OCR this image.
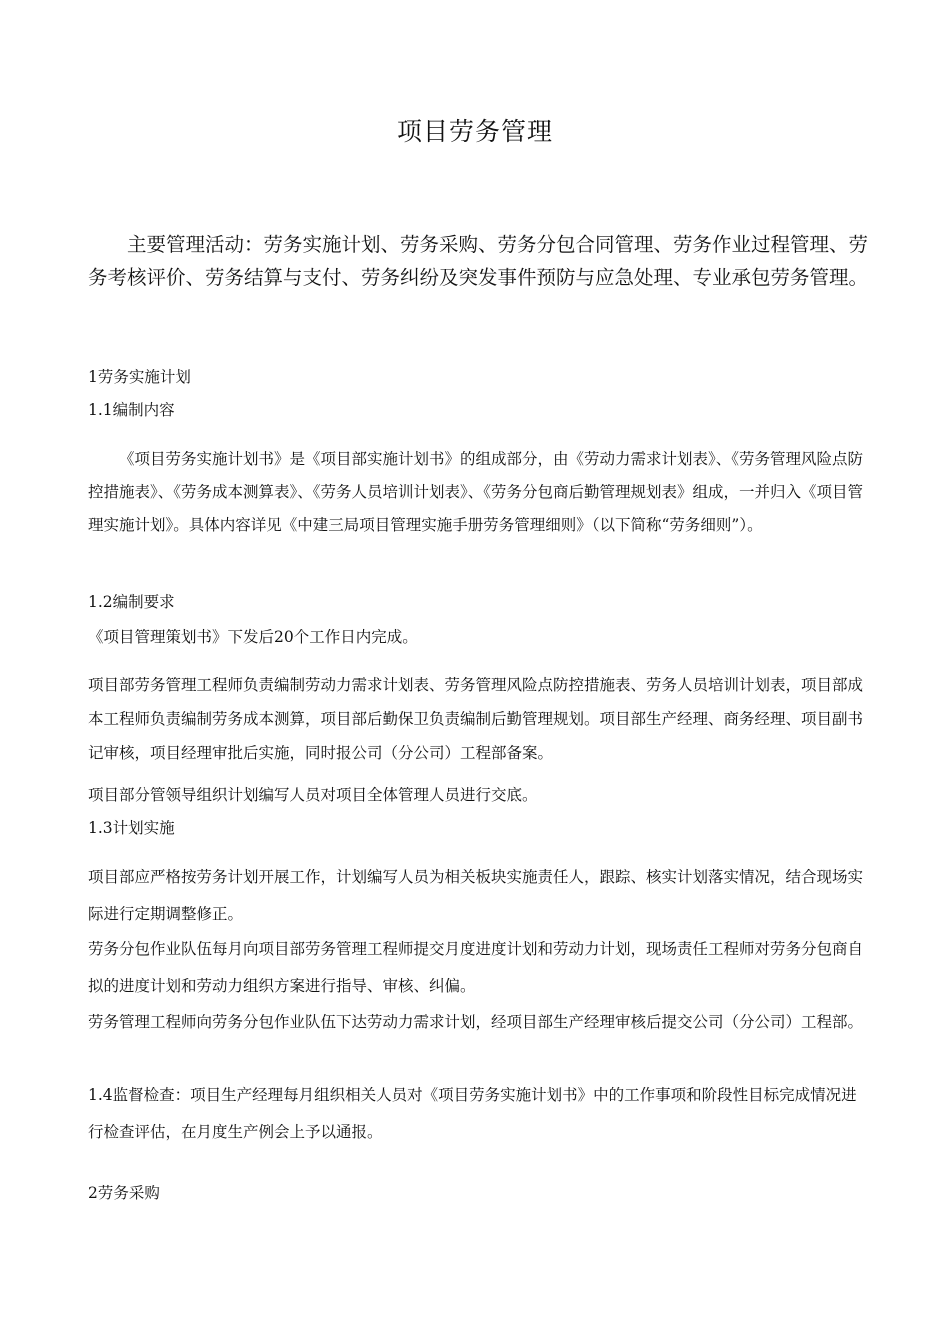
项目劳务管理
主要管理活动：劳务实施计划、劳务采购、劳务分包合同管理、劳务作业过程管理、劳务考核评价、劳务结算与支付、劳务纠纷及突发事件预防与应急处理、专业承包劳务管理。

1劳务实施计划

1.1编制内容

《项目劳务实施计划书》是《项目部实施计划书》的组成部分，由《劳动力需求计划表》、《劳务管理风险点防控措施表》、《劳务成本测算表》、《劳务人员培训计划表》、《劳务分包商后勤管理规划表》组成，一并归入《项目管理实施计划》。具体内容详见《中建三局项目管理实施手册劳务管理细则》（以下简称“劳务细则”）。

1.2编制要求

《项目管理策划书》下发后20个工作日内完成。

项目部劳务管理工程师负责编制劳动力需求计划表、劳务管理风险点防控措施表、劳务人员培训计划表，项目部成本工程师负责编制劳务成本测算，项目部后勤保卫负责编制后勤管理规划。项目部生产经理、商务经理、项目副书记审核，项目经理审批后实施，同时报公司（分公司）工程部备案。

项目部分管领导组织计划编写人员对项目全体管理人员进行交底。

1.3计划实施

项目部应严格按劳务计划开展工作，计划编写人员为相关板块实施责任人，跟踪、核实计划落实情况，结合现场实际进行定期调整修正。

劳务分包作业队伍每月向项目部劳务管理工程师提交月度进度计划和劳动力计划，现场责任工程师对劳务分包商自拟的进度计划和劳动力组织方案进行指导、审核、纠偏。

劳务管理工程师向劳务分包作业队伍下达劳动力需求计划，经项目部生产经理审核后提交公司（分公司）工程部。

1.4监督检查：项目生产经理每月组织相关人员对《项目劳务实施计划书》中的工作事项和阶段性目标完成情况进行检查评估，在月度生产例会上予以通报。

2劳务采购
